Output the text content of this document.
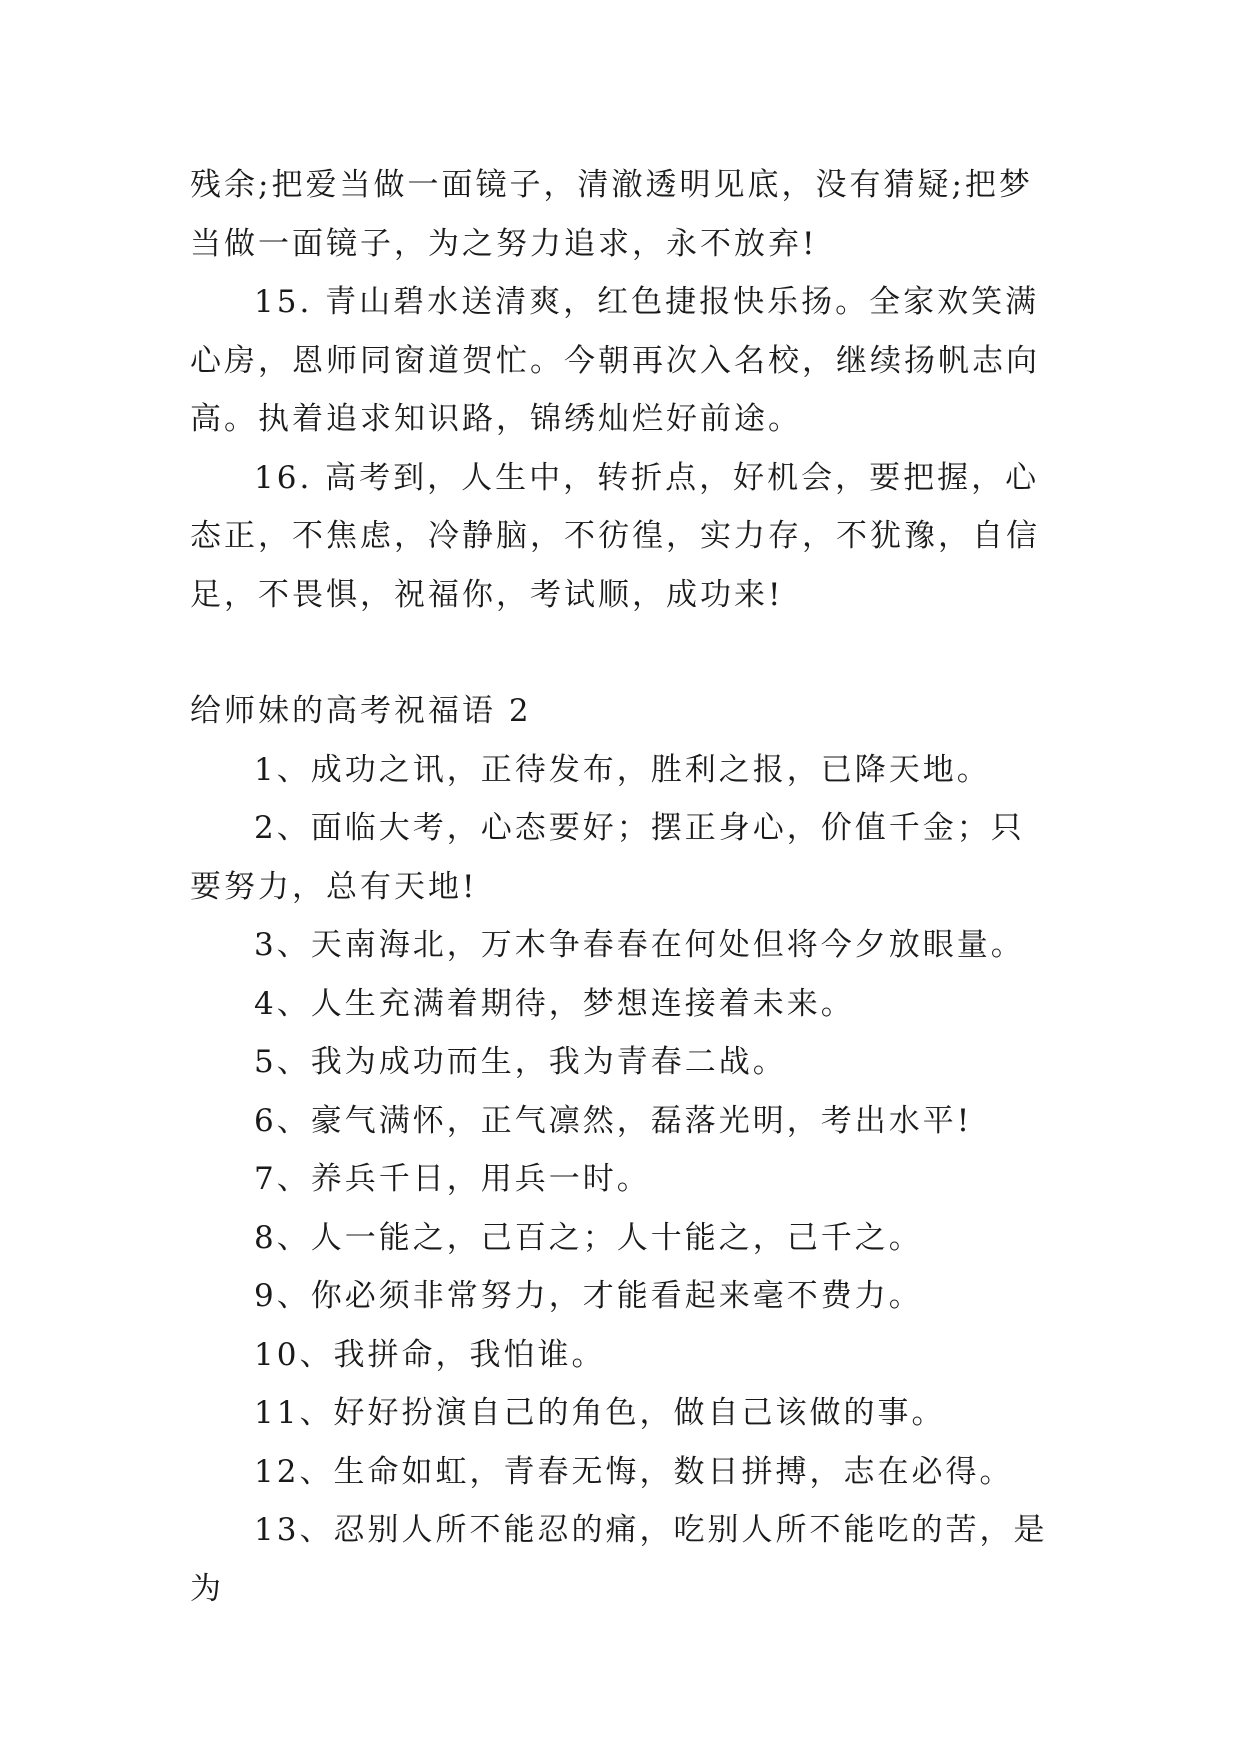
残余;把爱当做一面镜子，清澈透明见底，没有猜疑;把梦当做一面镜子，为之努力追求，永不放弃!

15. 青山碧水送清爽，红色捷报快乐扬。全家欢笑满心房，恩师同窗道贺忙。今朝再次入名校，继续扬帆志向高。执着追求知识路，锦绣灿烂好前途。

16. 高考到，人生中，转折点，好机会，要把握，心态正，不焦虑，冷静脑，不彷徨，实力存，不犹豫，自信足，不畏惧，祝福你，考试顺，成功来!

给师妹的高考祝福语 2

1、成功之讯，正待发布，胜利之报，已降天地。

2、面临大考，心态要好；摆正身心，价值千金；只要努力，总有天地!

3、天南海北，万木争春春在何处但将今夕放眼量。

4、人生充满着期待，梦想连接着未来。

5、我为成功而生，我为青春二战。

6、豪气满怀，正气凛然，磊落光明，考出水平!

7、养兵千日，用兵一时。

8、人一能之，己百之；人十能之，己千之。

9、你必须非常努力，才能看起来毫不费力。

10、我拼命，我怕谁。

11、好好扮演自己的角色，做自己该做的事。

12、生命如虹，青春无悔，数日拼搏，志在必得。

13、忍别人所不能忍的痛，吃别人所不能吃的苦，是为
